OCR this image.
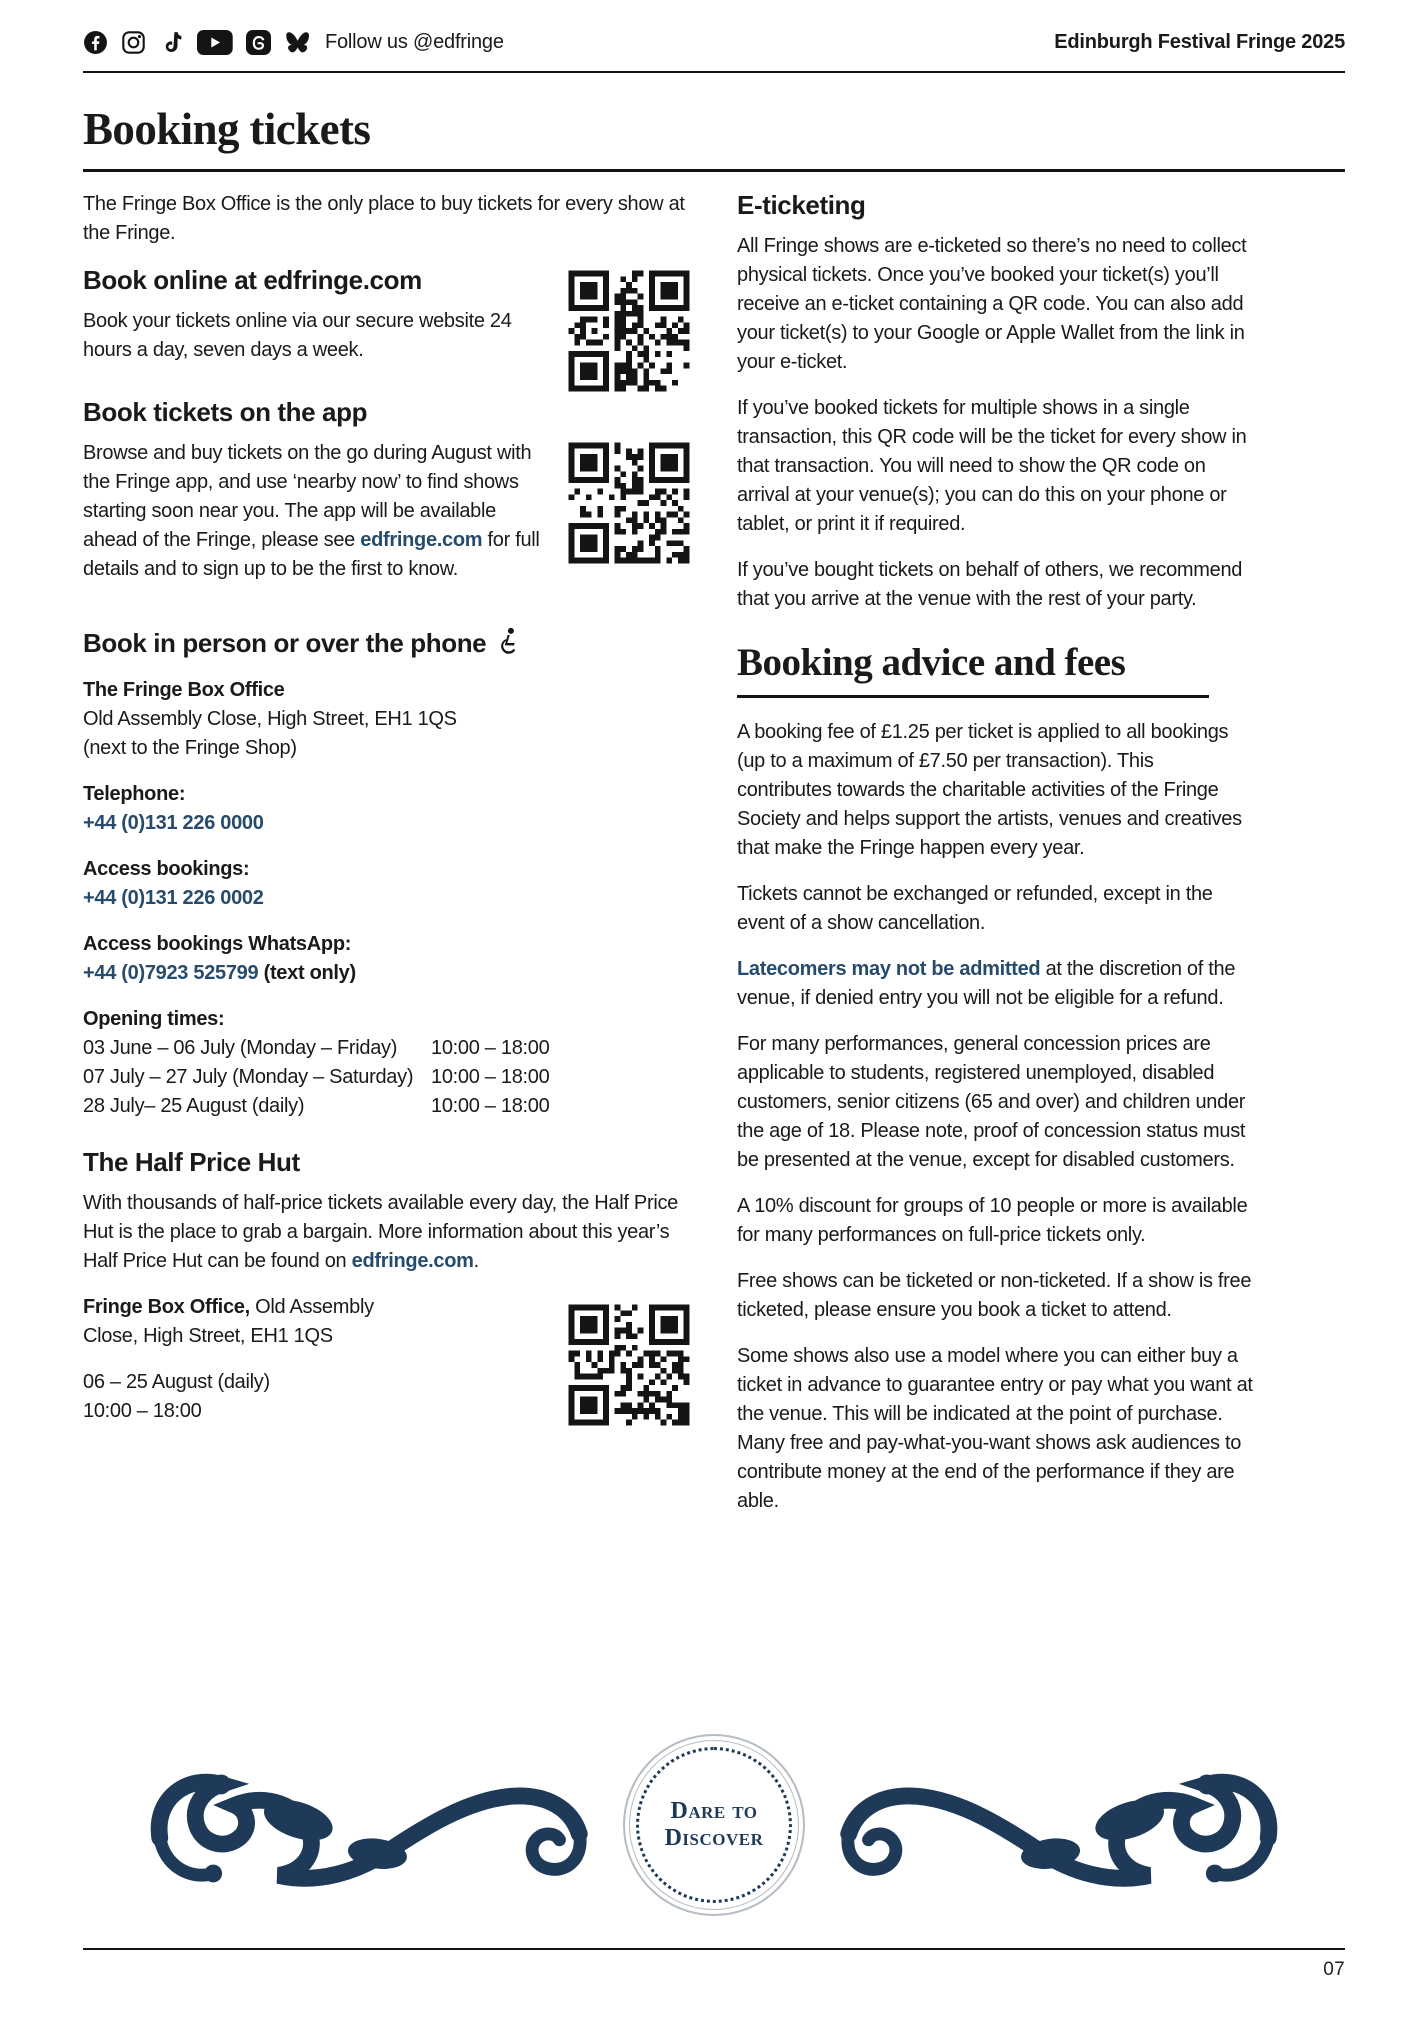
Follow us @edfringe	Edinburgh Festival Fringe 2025
Booking tickets

The Fringe Box Office is the only place to buy tickets for every show at the Fringe.

Book online at edfringe.com

Book your tickets online via our secure website 24 hours a day, seven days a week.

Book tickets on the app

Browse and buy tickets on the go during August with the Fringe app, and use ‘nearby now’ to find shows starting soon near you. The app will be available ahead of the Fringe, please see edfringe.com for full details and to sign up to be the first to know.

Book in person or over the phone
The Fringe Box Office
Old Assembly Close, High Street, EH1 1QS
(next to the Fringe Shop)
Telephone:
+44 (0)131 226 0000
Access bookings:
+44 (0)131 226 0002
Access bookings WhatsApp:
+44 (0)7923 525799 (text only)
Opening times:
03 June – 06 July (Monday – Friday)	10:00 – 18:00
07 July – 27 July (Monday – Saturday) 10:00 – 18:00
28 July– 25 August (daily)	10:00 – 18:00
The Half Price Hut

With thousands of half-price tickets available every day, the Half Price Hut is the place to grab a bargain. More information about this year’s Half Price Hut can be found on edfringe.com.

Fringe Box Office, Old Assembly Close, High Street, EH1 1QS
06 – 25 August (daily)
10:00 – 18:00
E-ticketing

All Fringe shows are e-ticketed so there’s no need to collect physical tickets. Once you’ve booked your ticket(s) you’ll receive an e-ticket containing a QR code. You can also add your ticket(s) to your Google or Apple Wallet from the link in your e-ticket.

If you’ve booked tickets for multiple shows in a single transaction, this QR code will be the ticket for every show in that transaction. You will need to show the QR code on arrival at your venue(s); you can do this on your phone or tablet, or print it if required.

If you’ve bought tickets on behalf of others, we recommend that you arrive at the venue with the rest of your party.

Booking advice and fees

A booking fee of £1.25 per ticket is applied to all bookings (up to a maximum of £7.50 per transaction). This contributes towards the charitable activities of the Fringe Society and helps support the artists, venues and creatives that make the Fringe happen every year.

Tickets cannot be exchanged or refunded, except in the event of a show cancellation.

Latecomers may not be admitted at the discretion of the venue, if denied entry you will not be eligible for a refund.

For many performances, general concession prices are applicable to students, registered unemployed, disabled customers, senior citizens (65 and over) and children under the age of 18. Please note, proof of concession status must be presented at the venue, except for disabled customers.

A 10% discount for groups of 10 people or more is available for many performances on full-price tickets only.

Free shows can be ticketed or non-ticketed. If a show is free ticketed, please ensure you book a ticket to attend.

Some shows also use a model where you can either buy a ticket in advance to guarantee entry or pay what you want at the venue. This will be indicated at the point of purchase. Many free and pay-what-you-want shows ask audiences to contribute money at the end of the performance if they are able.

Dare to
Discover
07
